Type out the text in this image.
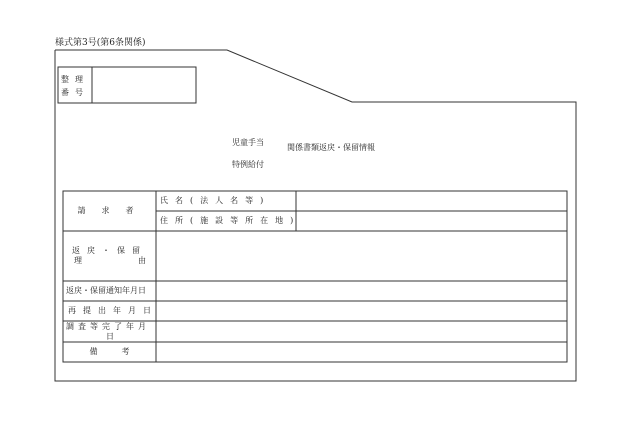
様式第3号(第6条関係)
整理
番号
児童手当
特例給付
関係書類返戻・保留情報
請求者
氏名(法人名等)
住所(施設等所在地)
返戻・保留
理由
返戻・保留通知年月日
再提出年月日
調査等完了年月
日
備考
